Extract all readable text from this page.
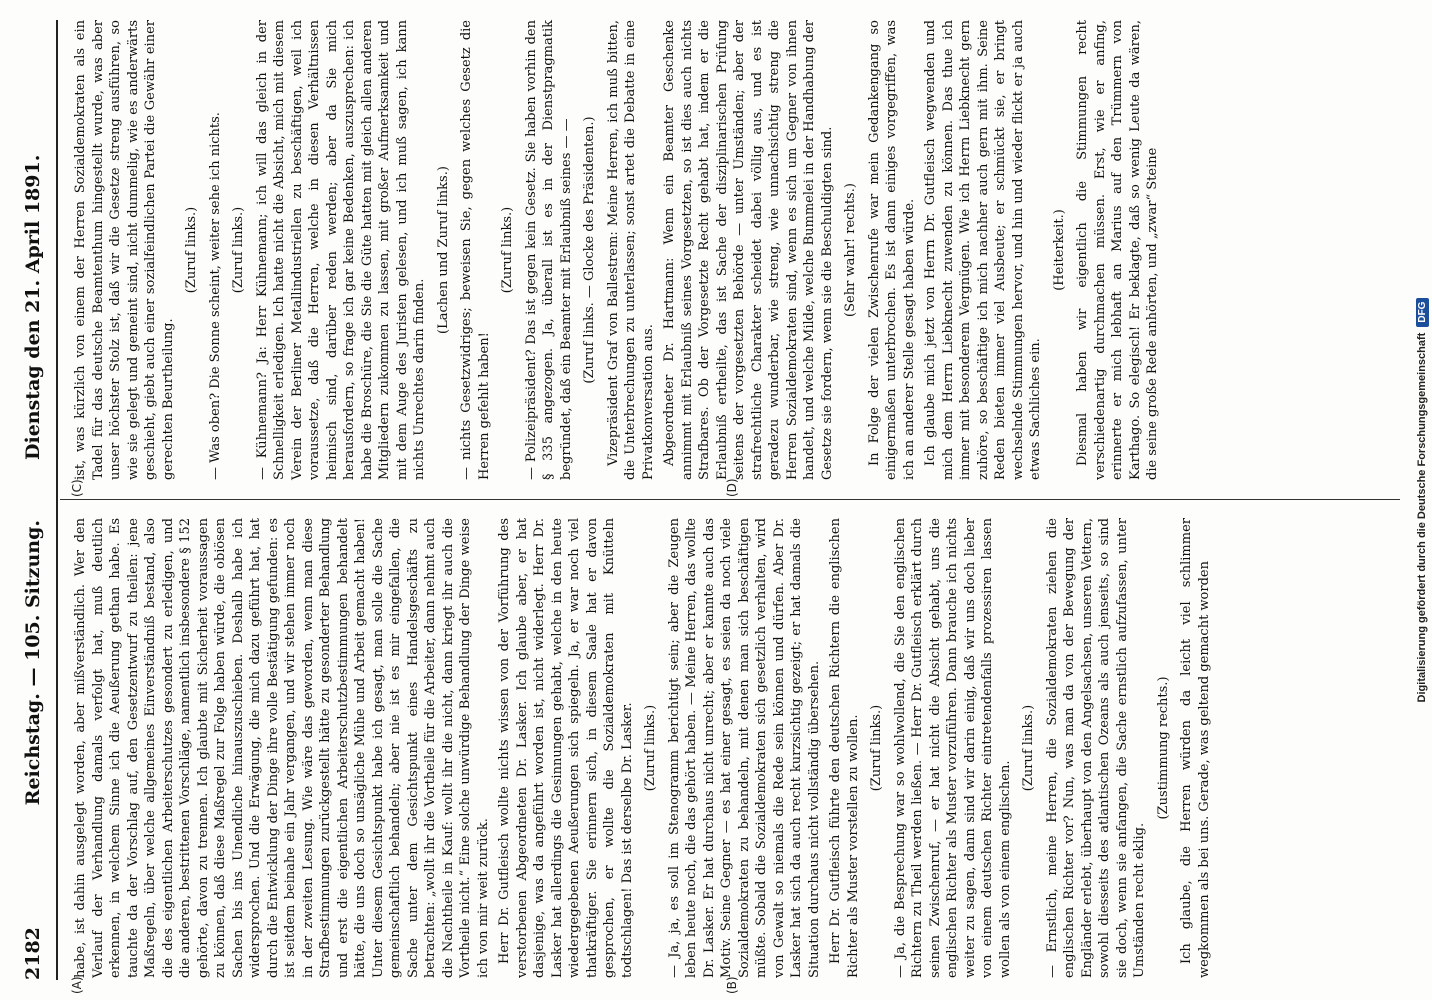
2182
Reichstag. — 105. Sitzung.
Dienstag den 21. April 1891.
(A)	(B)
(C)	(D)

habe, ist dahin ausgelegt worden, aber mißverständlich. Wer den Verlauf der Verhandlung damals verfolgt hat, muß deutlich erkennen, in welchem Sinne ich die Aeußerung gethan habe. Es tauchte da der Vorschlag auf, den Gesetzentwurf zu theilen: jene Maßregeln, über welche allgemeines Einverständniß bestand, also die des eigentlichen Arbeiterschutzes gesondert zu erledigen, und die anderen, bestrittenen Vorschläge, namentlich insbesondere § 152 gehörte, davon zu trennen. Ich glaubte mit Sicherheit voraussagen zu können, daß diese Maßregel zur Folge haben würde, die obiösen Sachen bis ins Unendliche hinauszuschieben. Deshalb habe ich widersprochen. Und die Erwägung, die mich dazu geführt hat, hat durch die Entwicklung der Dinge ihre volle Bestätigung gefunden: es ist seitdem beinahe ein Jahr vergangen, und wir stehen immer noch in der zweiten Lesung. Wie wäre das geworden, wenn man diese Strafbestimmungen zurückgestellt hätte zu gesonderter Behandlung und erst die eigentlichen Arbeiterschutzbestimmungen behandelt hätte, die uns doch so unsägliche Mühe und Arbeit gemacht haben! Unter diesem Gesichtspunkt habe ich gesagt, man solle die Sache gemeinschaftlich behandeln; aber nie ist es mir eingefallen, die Sache unter dem Gesichtspunkt eines Handelsgeschäfts zu betrachten: „wollt ihr die Vortheile für die Arbeiter, dann nehmt auch die Nachtheile in Kauf: wollt ihr die nicht, dann kriegt ihr auch die Vortheile nicht.“ Eine solche unwürdige Behandlung der Dinge weise ich von mir weit zurück. Herr Dr. Gutfleisch wollte nichts wissen von der Vorführung des verstorbenen Abgeordneten Dr. Lasker. Ich glaube aber, er hat dasjenige, was da angeführt worden ist, nicht widerlegt. Herr Dr. Lasker hat allerdings die Gesinnungen gehabt, welche in den heute wiedergegebenen Aeußerungen sich spiegeln. Ja, er war noch viel thatkräftiger. Sie erinnern sich, in diesem Saale hat er davon gesprochen, er wollte die Sozialdemokraten mit Knütteln todtschlagen! Das ist derselbe Dr. Lasker. (Zuruf links.) — Ja, ja, es soll im Stenogramm berichtigt sein; aber die Zeugen leben heute noch, die das gehört haben. — Meine Herren, das wollte Dr. Lasker. Er hat durchaus nicht unrecht; aber er kannte auch das Motiv. Seine Gegner — es hat einer gesagt, es seien da noch viele Sozialdemokraten zu behandeln, mit denen man sich beschäftigen müßte. Sobald die Sozialdemokraten sich gesetzlich verhalten, wird von Gewalt so niemals die Rede sein können und dürfen. Aber Dr. Lasker hat sich da auch recht kurzsichtig gezeigt; er hat damals die Situation durchaus nicht vollständig übersehen. Herr Dr. Gutfleisch führte den deutschen Richtern die englischen Richter als Muster vorstellen zu wollen. (Zuruf links.) — Ja, die Besprechung war so wohlwollend, die Sie den englischen Richtern zu Theil werden ließen. — Herr Dr. Gutfleisch erklärt durch seinen Zwischenruf, — er hat nicht die Absicht gehabt, uns die englischen Richter als Muster vorzuführen. Dann brauche ich nichts weiter zu sagen, dann sind wir darin einig, daß wir uns doch lieber von einem deutschen Richter eintretendenfalls prozessiren lassen wollen als von einem englischen.

(Zuruf links.) — Ernstlich, meine Herren, die Sozialdemokraten ziehen die englischen Richter vor? Nun, was man da von der Bewegung der Engländer erlebt, überhaupt von den Angelsachsen, unseren Vettern, sowohl diesseits des atlantischen Ozeans als auch jenseits, so sind sie doch, wenn sie anfangen, die Sache ernstlich aufzufassen, unter Umständen recht eklig.

(Zustimmung rechts.) Ich glaube, die Herren würden da leicht viel schlimmer wegkommen als bei uns. Gerade, was geltend gemacht worden

ist, was kürzlich von einem der Herren Sozialdemokraten als ein Tadel für das deutsche Beamtenthum hingestellt wurde, was aber unser höchster Stolz ist, daß wir die Gesetze streng ausführen, so wie sie gelegt und gemeint sind, nicht dummelig, wie es anderwärts geschieht, giebt auch einer sozialfeindlichen Partei die Gewähr einer gerechten Beurtheilung.

(Zuruf links.) — Was oben? Die Sonne scheint, weiter sehe ich nichts. (Zuruf links.) — Kühnemann? Ja: Herr Kühnemann; ich will das gleich in der Schnelligkeit erledigen. Ich hatte nicht die Absicht, mich mit diesem Verein der Berliner Metallindustriellen zu beschäftigen, weil ich voraussetze, daß die Herren, welche in diesen Verhältnissen heimisch sind, darüber reden werden; aber da Sie mich herausfordern, so frage ich gar keine Bedenken, auszusprechen: ich habe die Broschüre, die Sie die Güte hatten mit gleich allen anderen Mitgliedern zukommen zu lassen, mit großer Aufmerksamkeit und mit dem Auge des Juristen gelesen, und ich muß sagen, ich kann nichts Unrechtes darin finden.

(Lachen und Zuruf links.) — nichts Gesetzwidriges; beweisen Sie, gegen welches Gesetz die Herren gefehlt haben!

(Zuruf links.) — Polizeipräsident? Das ist gegen kein Gesetz. Sie haben vorhin den § 335 angezogen. Ja, überall ist es in der Dienstpragmatik begründet, daß ein Beamter mit Erlaubniß seines — — (Zuruf links. — Glocke des Präsidenten.) Vizepräsident Graf von Ballestrem: Meine Herren, ich muß bitten, die Unterbrechungen zu unterlassen; sonst artet die Debatte in eine Privatkonversation aus. Abgeordneter Dr. Hartmann: Wenn ein Beamter Geschenke annimmt mit Erlaubniß seines Vorgesetzten, so ist dies auch nichts Strafbares. Ob der Vorgesetzte Recht gehabt hat, indem er die Erlaubniß ertheilte, das ist Sache der disziplinarischen Prüfung seitens der vorgesetzten Behörde — unter Umständen; aber der strafrechtliche Charakter scheidet dabei völlig aus, und es ist geradezu wunderbar, wie streng, wie unnachsichtig streng die Herren Sozialdemokraten sind, wenn es sich um Gegner von ihnen handelt, und welche Milde, welche Bummelei in der Handhabung der Gesetze sie fordern, wenn sie die Beschuldigten sind. (Sehr wahr! rechts.) In Folge der vielen Zwischenrufe war mein Gedankengang so einigermaßen unterbrochen. Es ist dann einiges vorgegriffen, was ich an anderer Stelle gesagt haben würde. Ich glaube mich jetzt von Herrn Dr. Gutfleisch wegwenden und mich dem Herrn Liebknecht zuwenden zu können. Das thue ich immer mit besonderem Vergnügen. Wie ich Herrn Liebknecht gern zuhöre, so beschäftige ich mich nachher auch gern mit ihm. Seine Reden bieten immer viel Ausbeute; er schmückt sie, er bringt wechselnde Stimmungen hervor, und hin und wieder flickt er ja auch etwas Sachliches ein.

(Heiterkeit.) Diesmal haben wir eigentlich die Stimmungen recht verschiedenartig durchmachen müssen. Erst, wie er anfing, erinnerte er mich lebhaft an Marius auf den Trümmern von Karthago. So elegisch! Er beklagte, daß so wenig Leute da wären, die seine große Rede anhörten, und „zwar“ Steine

Digitalisierung gefördert durch die Deutsche Forschungsgemeinschaft
DFG
